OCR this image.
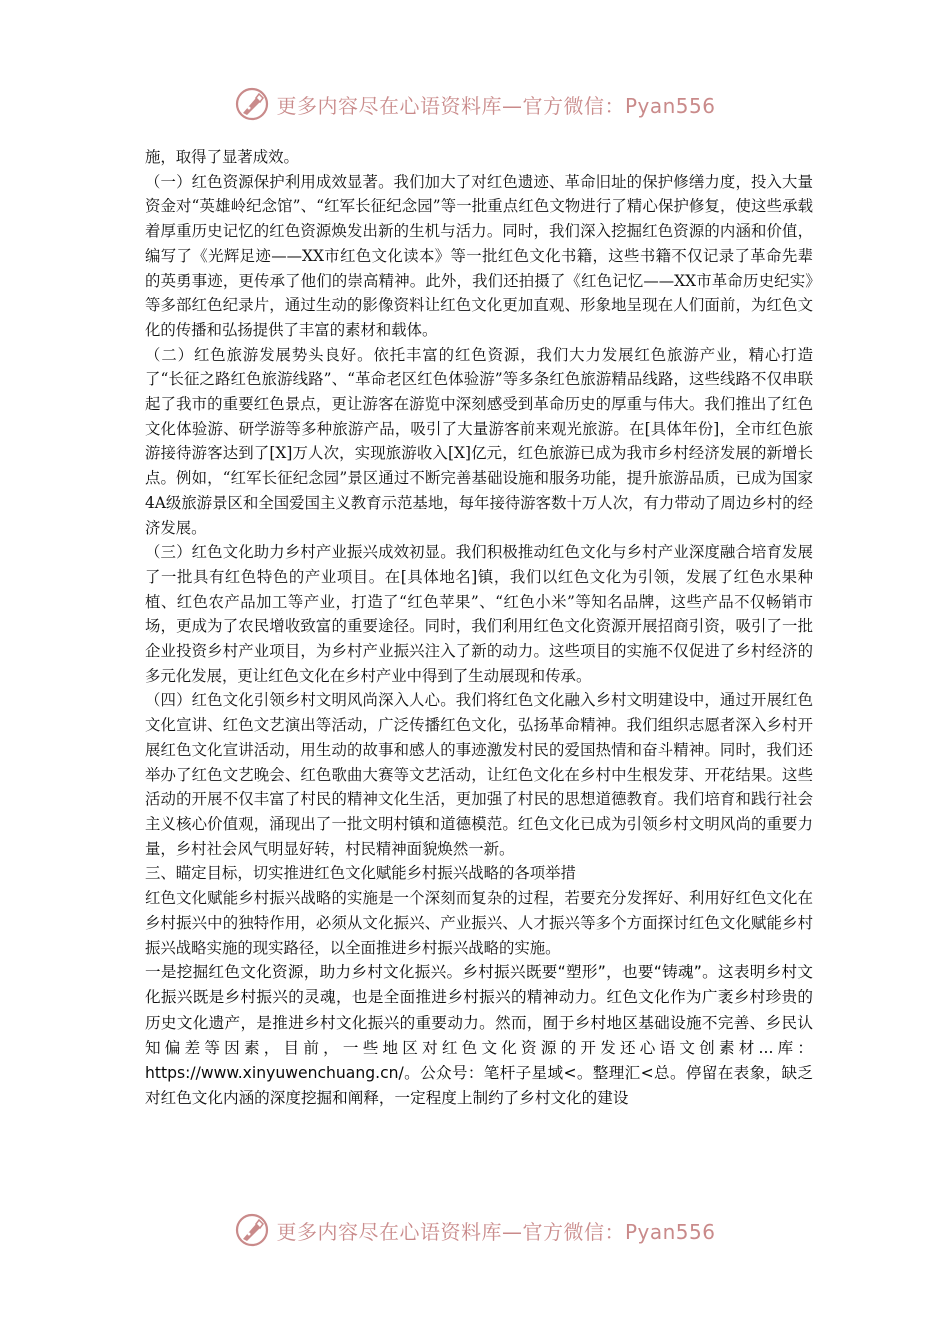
更多内容尽在心语资料库—官方微信：Pyan556

施，取得了显著成效。

（一）红色资源保护利用成效显著。我们加大了对红色遗迹、革命旧址的保护修缮力度，投入大量资金对“英雄岭纪念馆”、“红军长征纪念园”等一批重点红色文物进行了精心保护修复，使这些承载着厚重历史记忆的红色资源焕发出新的生机与活力。同时，我们深入挖掘红色资源的内涵和价值，编写了《光辉足迹——XX市红色文化读本》等一批红色文化书籍，这些书籍不仅记录了革命先辈的英勇事迹，更传承了他们的崇高精神。此外，我们还拍摄了《红色记忆——XX市革命历史纪实》等多部红色纪录片，通过生动的影像资料让红色文化更加直观、形象地呈现在人们面前，为红色文化的传播和弘扬提供了丰富的素材和载体。

（二）红色旅游发展势头良好。依托丰富的红色资源，我们大力发展红色旅游产业，精心打造了“长征之路红色旅游线路”、“革命老区红色体验游”等多条红色旅游精品线路，这些线路不仅串联起了我市的重要红色景点，更让游客在游览中深刻感受到革命历史的厚重与伟大。我们推出了红色文化体验游、研学游等多种旅游产品，吸引了大量游客前来观光旅游。在[具体年份]，全市红色旅游接待游客达到了[X]万人次，实现旅游收入[X]亿元，红色旅游已成为我市乡村经济发展的新增长点。例如，“红军长征纪念园”景区通过不断完善基础设施和服务功能，提升旅游品质，已成为国家4A级旅游景区和全国爱国主义教育示范基地，每年接待游客数十万人次，有力带动了周边乡村的经济发展。

（三）红色文化助力乡村产业振兴成效初显。我们积极推动红色文化与乡村产业深度融合培育发展了一批具有红色特色的产业项目。在[具体地名]镇，我们以红色文化为引领，发展了红色水果种植、红色农产品加工等产业，打造了“红色苹果”、“红色小米”等知名品牌，这些产品不仅畅销市场，更成为了农民增收致富的重要途径。同时，我们利用红色文化资源开展招商引资，吸引了一批企业投资乡村产业项目，为乡村产业振兴注入了新的动力。这些项目的实施不仅促进了乡村经济的多元化发展，更让红色文化在乡村产业中得到了生动展现和传承。

（四）红色文化引领乡村文明风尚深入人心。我们将红色文化融入乡村文明建设中，通过开展红色文化宣讲、红色文艺演出等活动，广泛传播红色文化，弘扬革命精神。我们组织志愿者深入乡村开展红色文化宣讲活动，用生动的故事和感人的事迹激发村民的爱国热情和奋斗精神。同时，我们还举办了红色文艺晚会、红色歌曲大赛等文艺活动，让红色文化在乡村中生根发芽、开花结果。这些活动的开展不仅丰富了村民的精神文化生活，更加强了村民的思想道德教育。我们培育和践行社会主义核心价值观，涌现出了一批文明村镇和道德模范。红色文化已成为引领乡村文明风尚的重要力量，乡村社会风气明显好转，村民精神面貌焕然一新。

三、瞄定目标，切实推进红色文化赋能乡村振兴战略的各项举措

红色文化赋能乡村振兴战略的实施是一个深刻而复杂的过程，若要充分发挥好、利用好红色文化在乡村振兴中的独特作用，必须从文化振兴、产业振兴、人才振兴等多个方面探讨红色文化赋能乡村振兴战略实施的现实路径，以全面推进乡村振兴战略的实施。

一是挖掘红色文化资源，助力乡村文化振兴。乡村振兴既要“塑形”，也要“铸魂”。这表明乡村文化振兴既是乡村振兴的灵魂，也是全面推进乡村振兴的精神动力。红色文化作为广袤乡村珍贵的历史文化遗产，是推进乡村文化振兴的重要动力。然而，囿于乡村地区基础设施不完善、乡民认知偏差等因素，目前，一些地区对红色文化资源的开发还心语文创素材...库：https://www.xinyuwenchuang.cn/。公众号：笔杆子星域<。整理汇<总。停留在表象，缺乏对红色文化内涵的深度挖掘和阐释，一定程度上制约了乡村文化的建设

更多内容尽在心语资料库—官方微信：Pyan556
